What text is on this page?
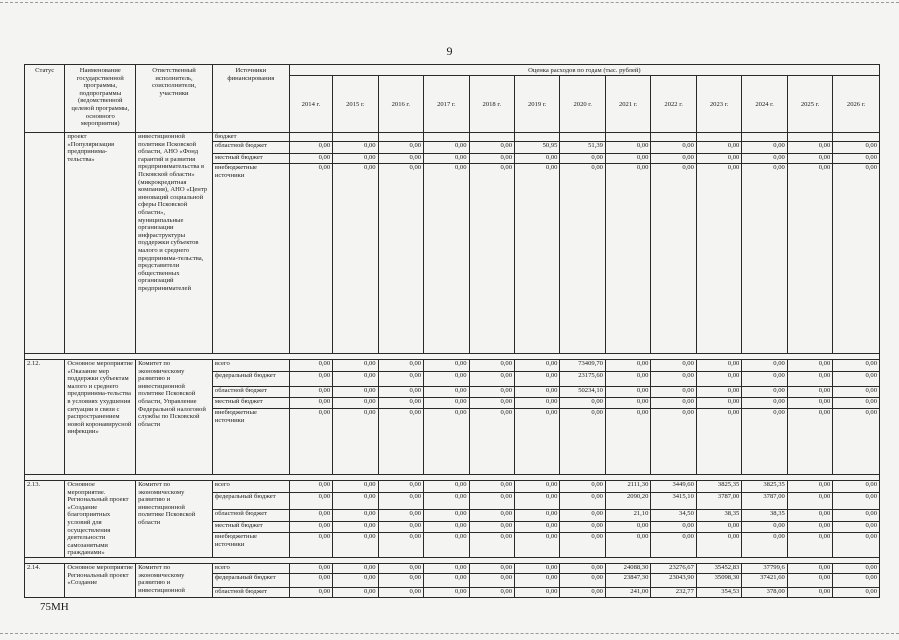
9
Статус	Наименование государственной программы, подпрограммы (ведомственной целевой программы, основного мероприятия)	Ответственный исполнитель, соисполнители, участники	Источники финансирования	Оценка расходов по годам (тыс. рублей)												
				2014 г.	2015 г.	2016 г.	2017 г.	2018 г.	2019 г.	2020 г.	2021 г.	2022 г.	2023 г.	2024 г.	2025 г.	2026 г.
	проект «Популяризация предпринима-тельства»	инвестиционной политики Псковской области, АНО «Фонд гарантий и развития предпринимательства в Псковской области» (микрокредитная компания), АНО «Центр инноваций социальной сферы Псковской области», муниципальные организации инфраструктуры поддержки субъектов малого и среднего предпринима-тельства, представители общественных организаций предпринимателей	бюджет													
			областной бюджет	0,00	0,00	0,00	0,00	0,00	50,95	51,39	0,00	0,00	0,00	0,00	0,00	0,00
			местный бюджет	0,00	0,00	0,00	0,00	0,00	0,00	0,00	0,00	0,00	0,00	0,00	0,00	0,00
			внебюджетные источники	0,00	0,00	0,00	0,00	0,00	0,00	0,00	0,00	0,00	0,00	0,00	0,00	0,00

2.12.	Основное мероприятие «Оказание мер поддержки субъектам малого и среднего предпринима-тельства в условиях ухудшения ситуации в связи с распространением новой коронавирусной инфекции»	Комитет по экономическому развитию и инвестиционной политике Псковской области, Управление Федеральной налоговой службы по Псковской области	всего	0,00	0,00	0,00	0,00	0,00	0,00	73409,70	0,00	0,00	0,00	0,00	0,00	0,00
			федеральный бюджет	0,00	0,00	0,00	0,00	0,00	0,00	23175,60	0,00	0,00	0,00	0,00	0,00	0,00
			областной бюджет	0,00	0,00	0,00	0,00	0,00	0,00	50234,10	0,00	0,00	0,00	0,00	0,00	0,00
			местный бюджет	0,00	0,00	0,00	0,00	0,00	0,00	0,00	0,00	0,00	0,00	0,00	0,00	0,00
			внебюджетные источники	0,00	0,00	0,00	0,00	0,00	0,00	0,00	0,00	0,00	0,00	0,00	0,00	0,00

2.13.	Основное мероприятие. Региональный проект «Создание благоприятных условий для осуществления деятельности самозанятыми гражданами»	Комитет по экономическому развитию и инвестиционной политике Псковской области	всего	0,00	0,00	0,00	0,00	0,00	0,00	0,00	2111,30	3449,60	3825,35	3825,35	0,00	0,00
			федеральный бюджет	0,00	0,00	0,00	0,00	0,00	0,00	0,00	2090,20	3415,10	3787,00	3787,00	0,00	0,00
			областной бюджет	0,00	0,00	0,00	0,00	0,00	0,00	0,00	21,10	34,50	38,35	38,35	0,00	0,00
			местный бюджет	0,00	0,00	0,00	0,00	0,00	0,00	0,00	0,00	0,00	0,00	0,00	0,00	0,00
			внебюджетные источники	0,00	0,00	0,00	0,00	0,00	0,00	0,00	0,00	0,00	0,00	0,00	0,00	0,00

2.14.	Основное мероприятие Региональный проект «Создание	Комитет по экономическому развитию и инвестиционной	всего	0,00	0,00	0,00	0,00	0,00	0,00	0,00	24088,30	23276,67	35452,83	37799,6	0,00	0,00
			федеральный бюджет	0,00	0,00	0,00	0,00	0,00	0,00	0,00	23847,30	23043,90	35098,30	37421,60	0,00	0,00
			областной бюджет	0,00	0,00	0,00	0,00	0,00	0,00	0,00	241,00	232,77	354,53	378,00	0,00	0,00
75МН
